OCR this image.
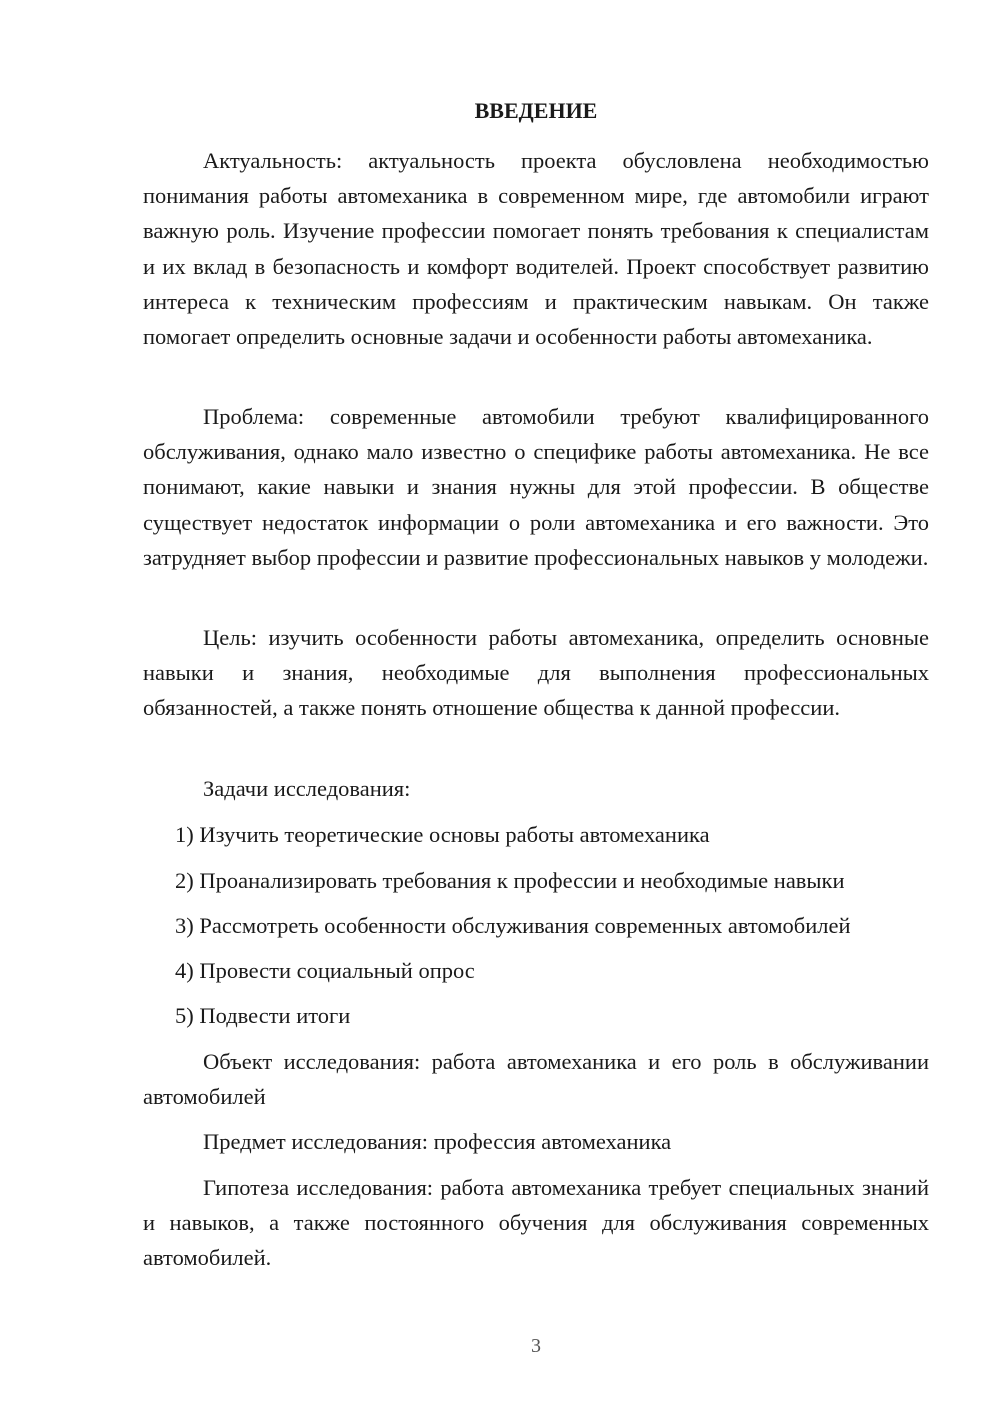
ВВЕДЕНИЕ

Актуальность: актуальность проекта обусловлена необходимостью понимания работы автомеханика в современном мире, где автомобили играют важную роль. Изучение профессии помогает понять требования к специалистам и их вклад в безопасность и комфорт водителей. Проект способствует развитию интереса к техническим профессиям и практическим навыкам. Он также помогает определить основные задачи и особенности работы автомеханика.

Проблема: современные автомобили требуют квалифицированного обслуживания, однако мало известно о специфике работы автомеханика. Не все понимают, какие навыки и знания нужны для этой профессии. В обществе существует недостаток информации о роли автомеханика и его важности. Это затрудняет выбор профессии и развитие профессиональных навыков у молодежи.

Цель: изучить особенности работы автомеханика, определить основные навыки и знания, необходимые для выполнения профессиональных обязанностей, а также понять отношение общества к данной профессии.

Задачи исследования:

1) Изучить теоретические основы работы автомеханика

2) Проанализировать требования к профессии и необходимые навыки

3) Рассмотреть особенности обслуживания современных автомобилей

4) Провести социальный опрос

5) Подвести итоги

Объект исследования: работа автомеханика и его роль в обслуживании автомобилей

Предмет исследования: профессия автомеханика

Гипотеза исследования: работа автомеханика требует специальных знаний и навыков, а также постоянного обучения для обслуживания современных автомобилей.

3
